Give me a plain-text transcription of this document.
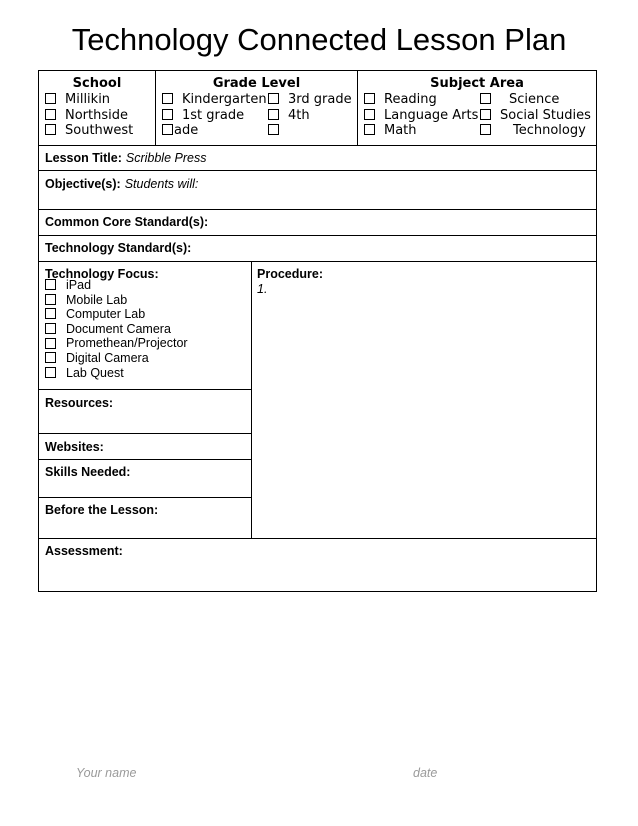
Technology Connected Lesson Plan
School
Millikin
Northside
Southwest
Grade Level
Kindergarten	3rd grade
1st grade	4th
ade
Subject Area
Reading	Science
Language Arts	Social Studies
Math	Technology
Lesson Title: Scribble Press
Objective(s): Students will:
Common Core Standard(s):
Technology Standard(s):
Technology Focus:
iPad
Mobile Lab
Computer Lab
Document Camera
Promethean/Projector
Digital Camera
Lab Quest
Procedure:
1.
Resources:
Websites:
Skills Needed:
Before the Lesson:
Assessment:
Your name	date
